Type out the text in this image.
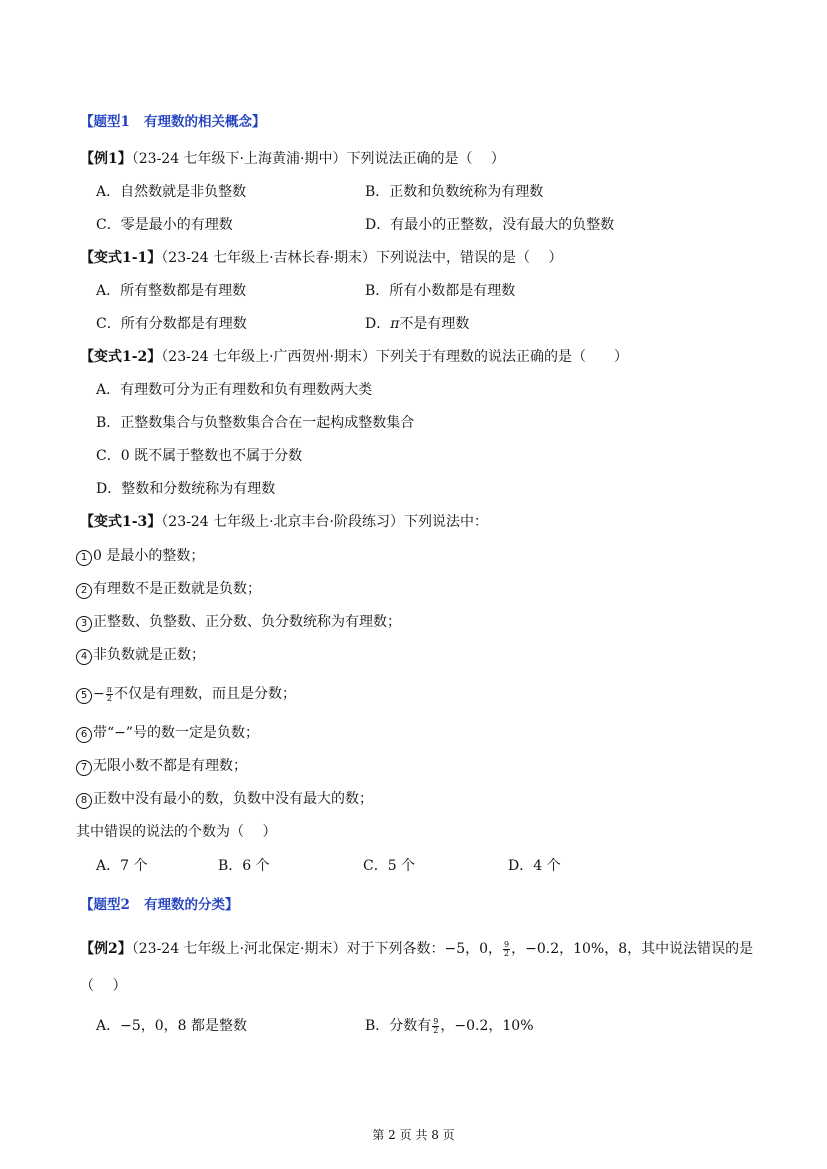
【题型1 有理数的相关概念】
【例1】（23-24 七年级下·上海黄浦·期中）下列说法正确的是（　 ）
A．自然数就是非负整数	B．正数和负数统称为有理数
C．零是最小的有理数	D．有最小的正整数，没有最大的负整数
【变式1-1】（23-24 七年级上·吉林长春·期末）下列说法中，错误的是（　 ）
A．所有整数都是有理数	B．所有小数都是有理数
C．所有分数都是有理数	D．π不是有理数
【变式1-2】（23-24 七年级上·广西贺州·期末）下列关于有理数的说法正确的是（　　）
A．有理数可分为正有理数和负有理数两大类
B．正整数集合与负整数集合合在一起构成整数集合
C．0 既不属于整数也不属于分数
D．整数和分数统称为有理数
【变式1-3】（23-24 七年级上·北京丰台·阶段练习）下列说法中：
1 0 是最小的整数；
2 有理数不是正数就是负数；
3 正整数、负整数、正分数、负分数统称为有理数；
4 非负数就是正数；
$5 - \frac{\pi}{2}$ 不仅是有理数，而且是分数；
6 带“−”号的数一定是负数；
7 无限小数不都是有理数；
8 正数中没有最小的数，负数中没有最大的数；
其中错误的说法的个数为（　 ）
A．7 个	B．6 个	C．5 个	D．4 个
【题型2 有理数的分类】
【例2】（23-24 七年级上·河北保定·期末）对于下列各数：−5，0， $\frac{9}{2}$ ，−0.2，10%，8，其中说法错误的是
（　 ）
A．−5，0，8 都是整数	B．分数有 $\frac{9}{2}$ ，−0.2，10%
第 2 页 共 8 页
